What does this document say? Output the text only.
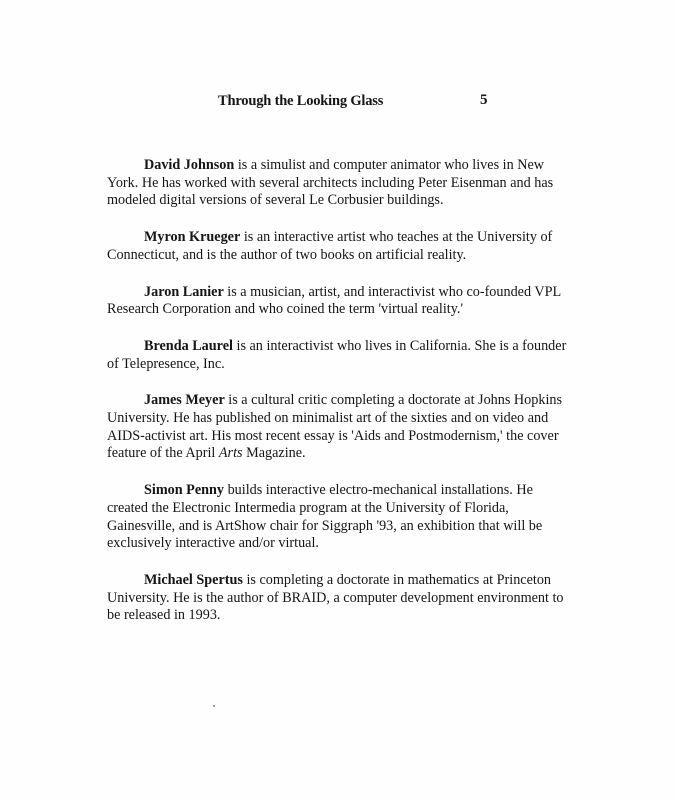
Through the Looking Glass	5

David Johnson is a simulist and computer animator who lives in New York. He has worked with several architects including Peter Eisenman and has modeled digital versions of several Le Corbusier buildings.

Myron Krueger is an interactive artist who teaches at the University of Connecticut, and is the author of two books on artificial reality.

Jaron Lanier is a musician, artist, and interactivist who co-founded VPL Research Corporation and who coined the term 'virtual reality.'

Brenda Laurel is an interactivist who lives in California. She is a founder of Telepresence, Inc.

James Meyer is a cultural critic completing a doctorate at Johns Hopkins University. He has published on minimalist art of the sixties and on video and AIDS-activist art. His most recent essay is 'Aids and Postmodernism,' the cover feature of the April Arts Magazine.

Simon Penny builds interactive electro-mechanical installations. He created the Electronic Intermedia program at the University of Florida, Gainesville, and is ArtShow chair for Siggraph '93, an exhibition that will be exclusively interactive and/or virtual.

Michael Spertus is completing a doctorate in mathematics at Princeton University. He is the author of BRAID, a computer development environment to be released in 1993.
